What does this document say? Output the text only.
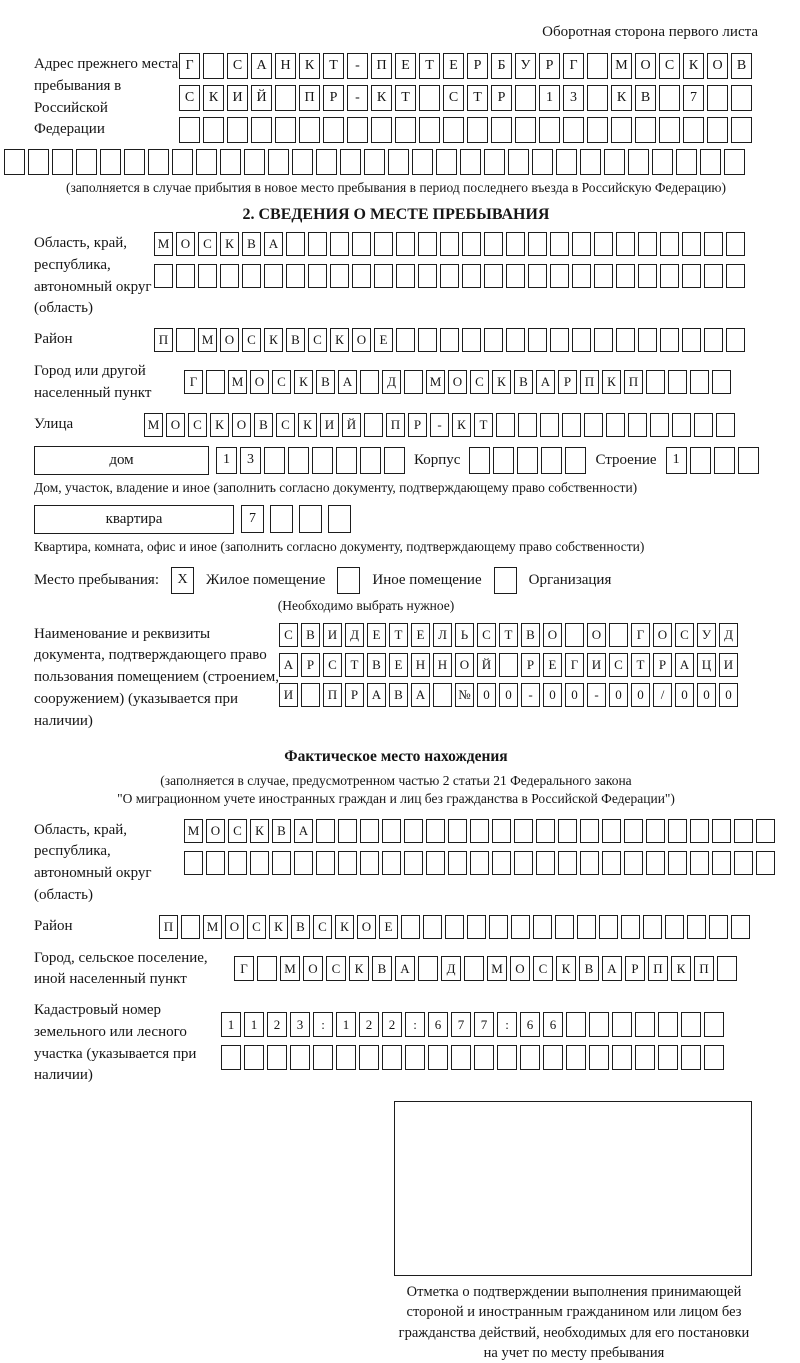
Оборотная сторона первого листа
Адрес прежнего места пребывания в Российской Федерации
Г	С	А Н	К	Т	-	П	Е	Т	Е	Р	Б	У	Р	Г	М О	С	К	О	В
С	К	И Й	П	Р	-	К	Т	С	Т	Р	1	3	К	В	7
(заполняется в случае прибытия в новое место пребывания в период последнего въезда в Российскую Федерацию)
2. СВЕДЕНИЯ О МЕСТЕ ПРЕБЫВАНИЯ
Область, край, республика, автономный округ (область)
М О С	К	В А
Район	П	М О С	К	В	С	К О	Е
Город или другой населенный пункт
Г	М О С	К	В А	Д	М О С	К	В А	Р	П К П
Улица	М О С	К О В	С	К И Й	П	Р	-	К	Т
дом	1	3	Корпус	Строение	1
Дом, участок, владение и иное (заполнить согласно документу, подтверждающему право собственности)
квартира	7
Квартира, комната, офис и иное (заполнить согласно документу, подтверждающему право собственности)
Место пребывания:	X	Жилое помещение	Иное помещение	Организация
(Необходимо выбрать нужное)
Наименование и реквизиты документа, подтверждающего право пользования помещением (строением, сооружением) (указывается при наличии)
С	В И Д	Е	Т	Е	Л	Ь	С	Т	В О	О	Г	О С	У Д
А	Р	С	Т	В	Е	Н Н О Й	Р	Е	Г	И С	Т	Р	А Ц И
И	П	Р	А В А	№ 0	0	-	0	0	-	0	0	/	0	0	0
Фактическое место нахождения
(заполняется в случае, предусмотренном частью 2 статьи 21 Федерального закона
"О миграционном учете иностранных граждан и лиц без гражданства в Российской Федерации")
Область, край, республика, автономный округ (область)
М О С	К	В А
Район	П	М О С	К	В	С	К О	Е
Город, сельское поселение, иной населенный пункт
Г	М О	С	К	В	А	Д	М О	С	К	В	А	Р	П	К	П
Кадастровый номер земельного или лесного участка (указывается при наличии)
1	1	2	3	:	1	2	2	:	6	7	7	:	6	6
Отметка о подтверждении выполнения принимающей стороной и иностранным гражданином или лицом без гражданства действий, необходимых для его постановки на учет по месту пребывания
